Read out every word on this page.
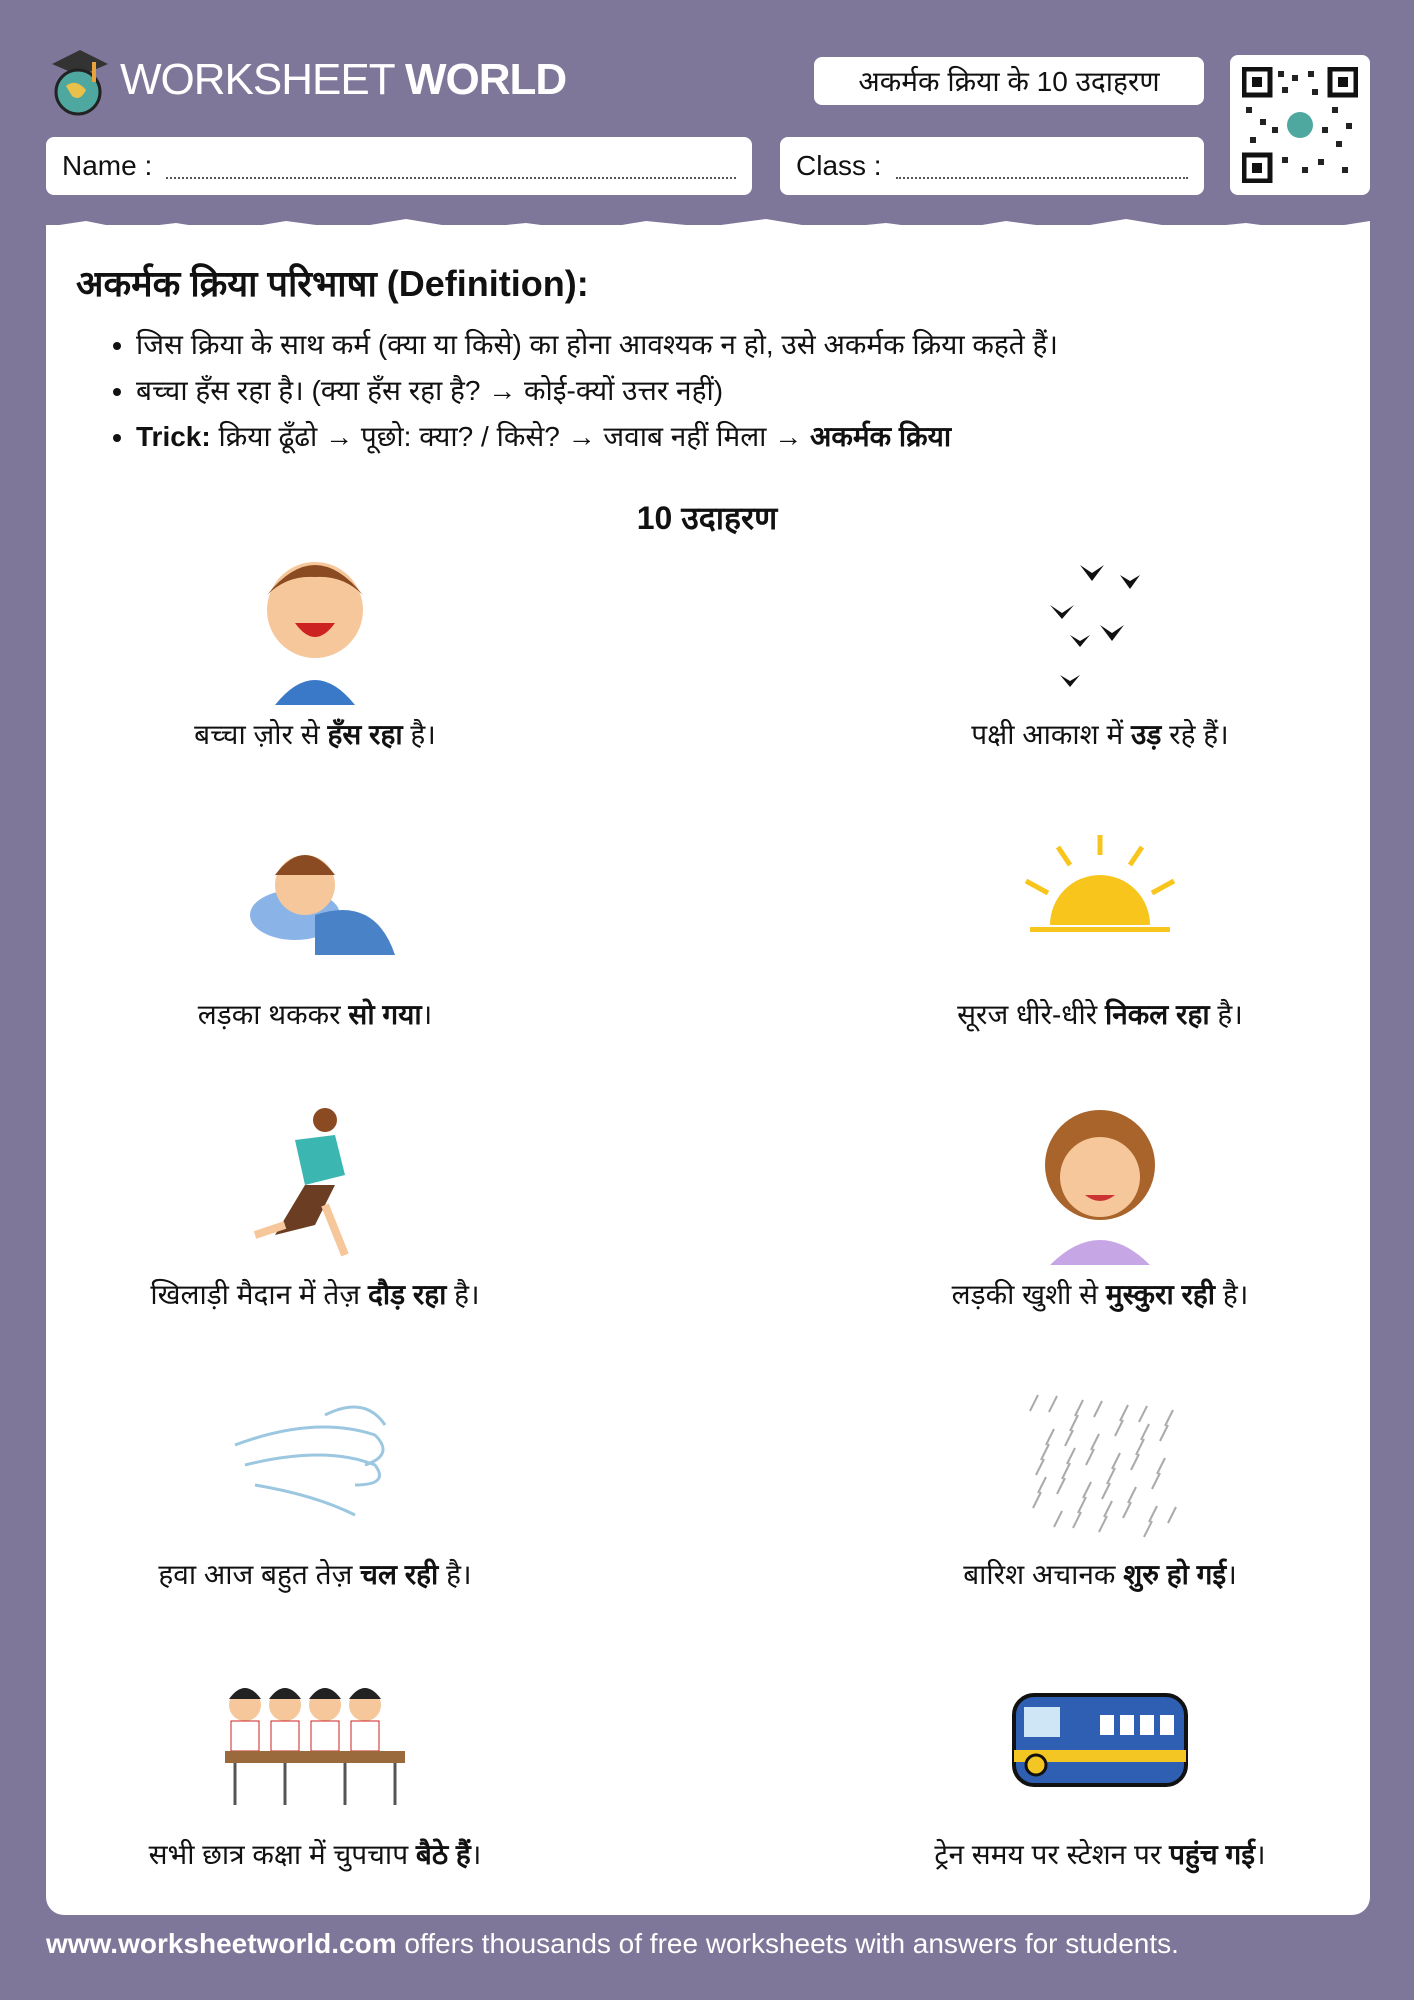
WORKSHEET WORLD	अकर्मक क्रिया के 10 उदाहरण
Name :	Class :
अकर्मक क्रिया परिभाषा (Definition):
• जिस क्रिया के साथ कर्म (क्या या किसे) का होना आवश्यक न हो, उसे अकर्मक क्रिया कहते हैं।
• बच्चा हँस रहा है। (क्या हँस रहा है? → कोई-क्यों उत्तर नहीं)
• Trick: क्रिया ढूँढो → पूछो: क्या? / किसे? → जवाब नहीं मिला → अकर्मक क्रिया
10 उदाहरण
बच्चा ज़ोर से हँस रहा है।	पक्षी आकाश में उड़ रहे हैं।
लड़का थककर सो गया।	सूरज धीरे-धीरे निकल रहा है।
खिलाड़ी मैदान में तेज़ दौड़ रहा है।	लड़की खुशी से मुस्कुरा रही है।
हवा आज बहुत तेज़ चल रही है।	बारिश अचानक शुरु हो गई।
सभी छात्र कक्षा में चुपचाप बैठे हैं।	ट्रेन समय पर स्टेशन पर पहुंच गई।
www.worksheetworld.com offers thousands of free worksheets with answers for students.
